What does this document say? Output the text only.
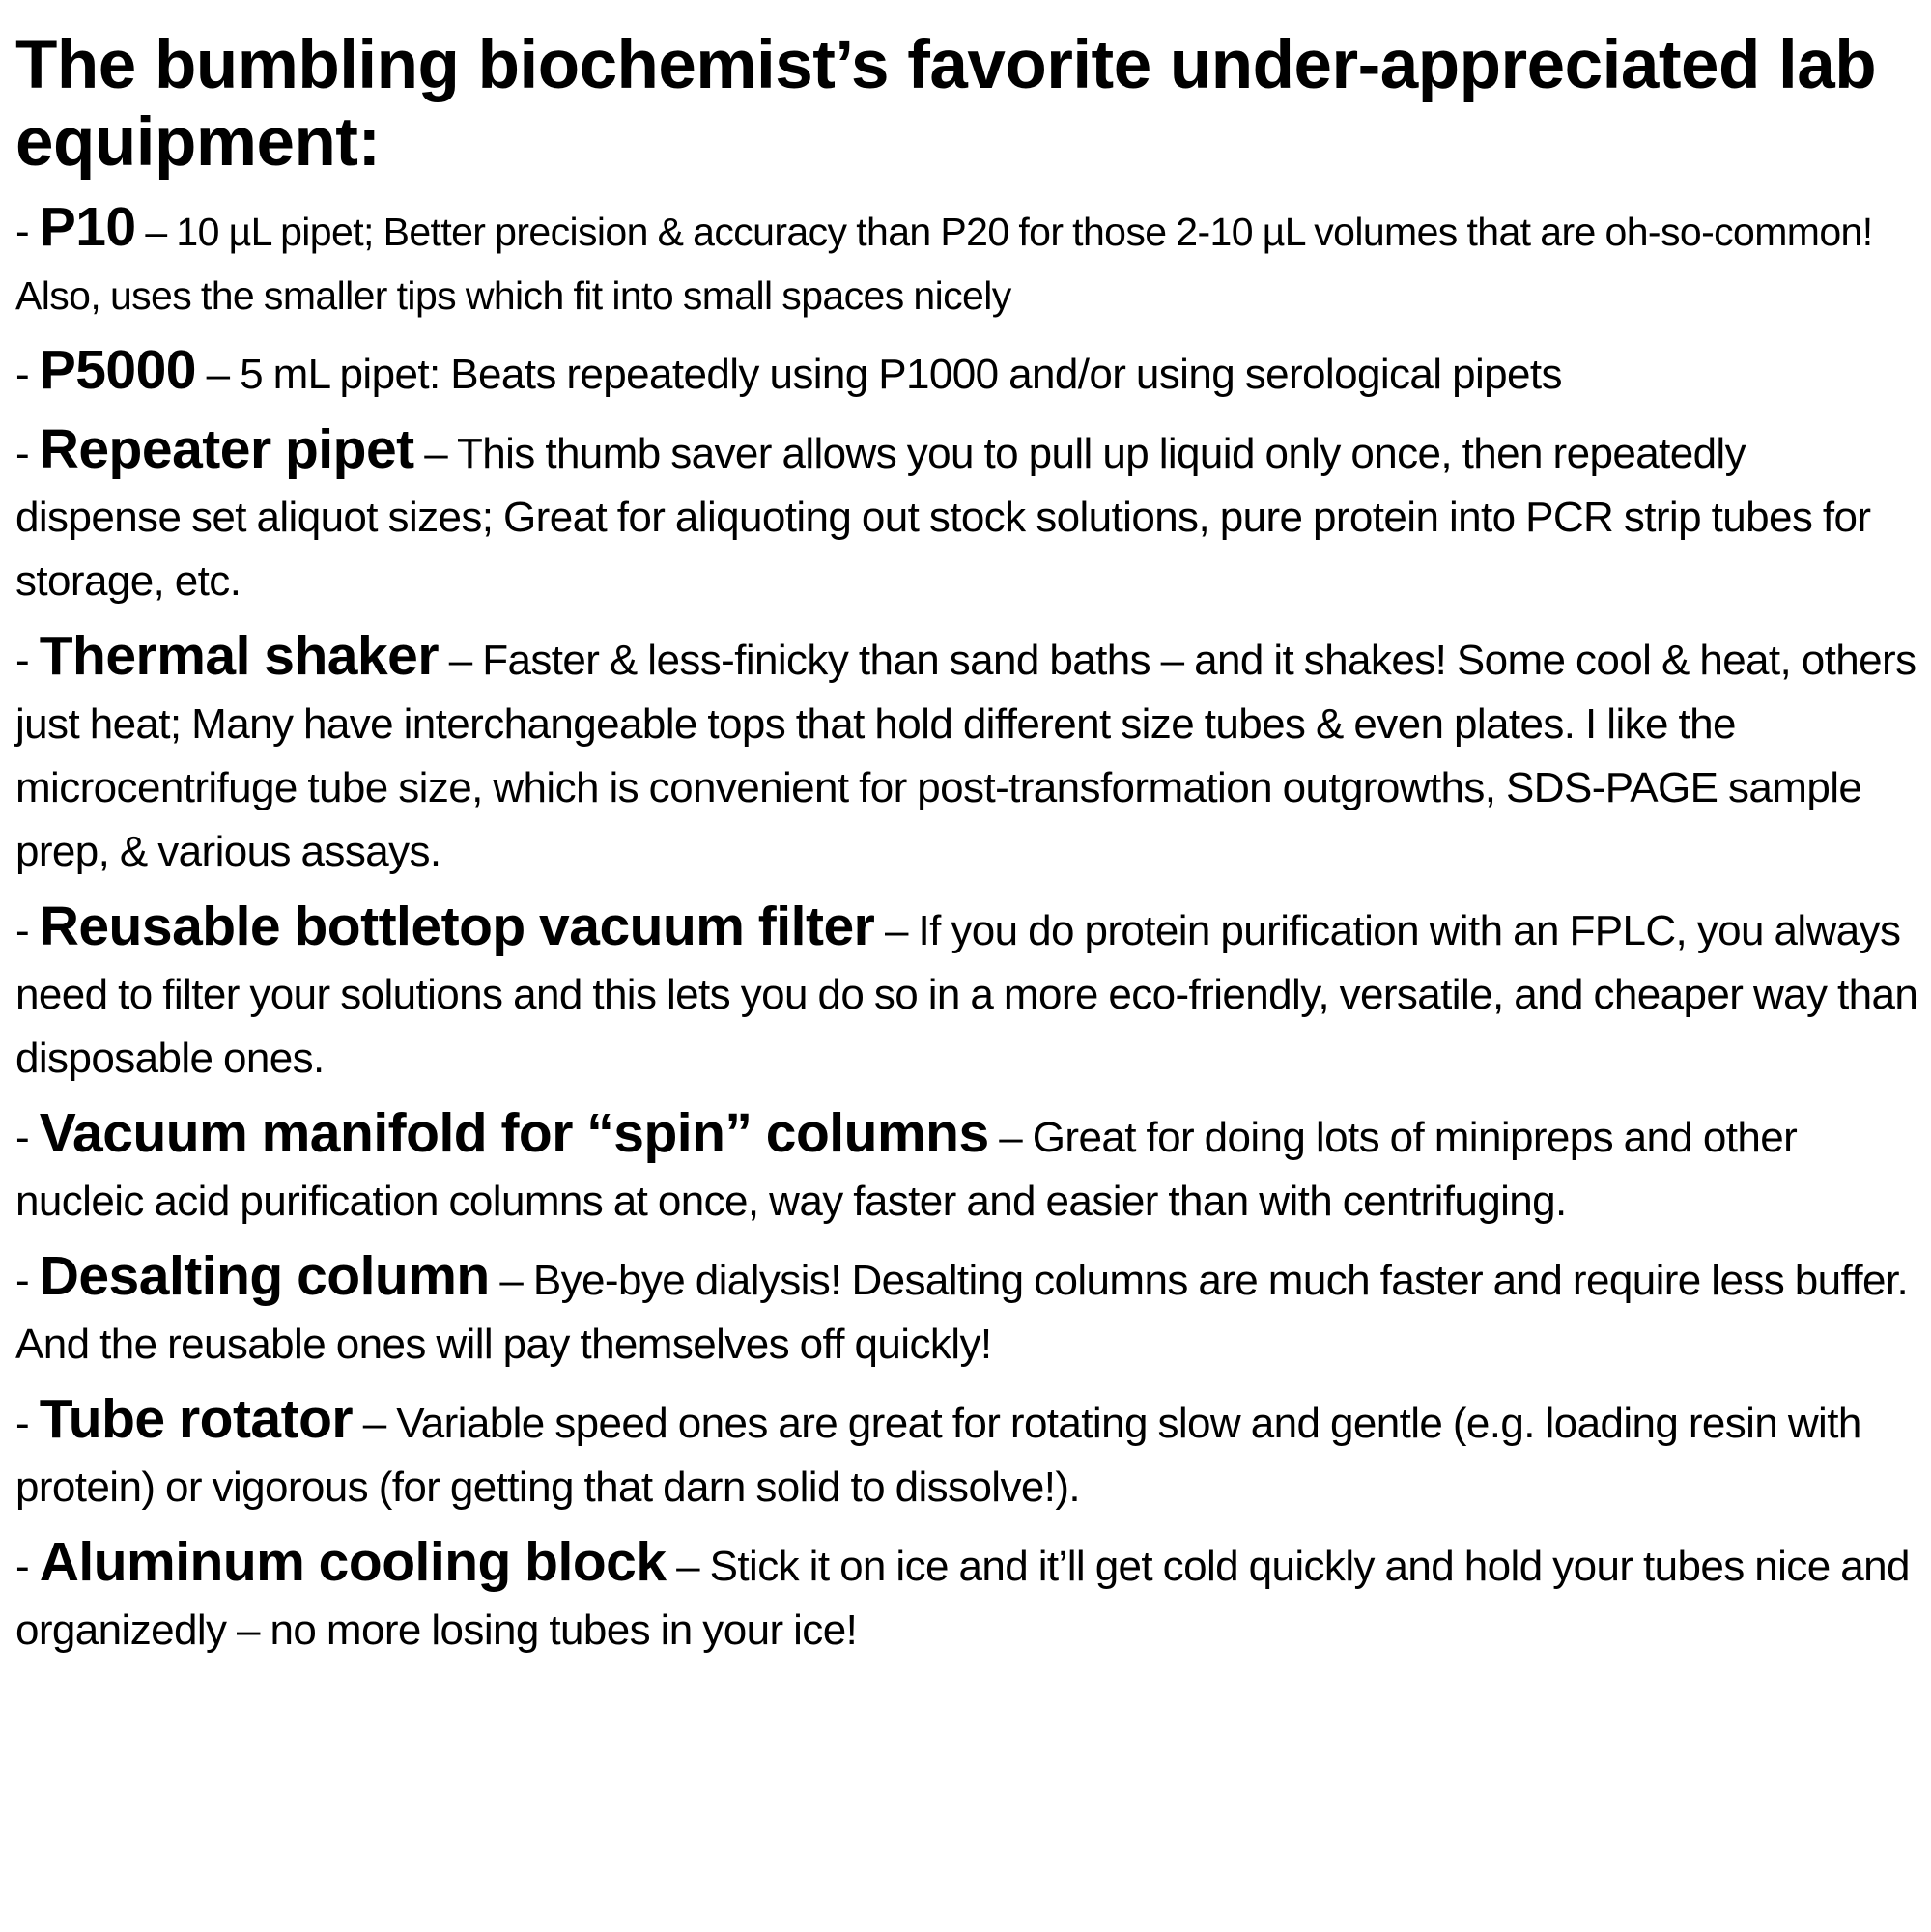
The bumbling biochemist’s favorite under-appreciated lab equipment:
- P10 – 10 µL pipet; Better precision & accuracy than P20 for those 2-10 µL volumes that are oh-so-common! Also, uses the smaller tips which fit into small spaces nicely
- P5000 – 5 mL pipet: Beats repeatedly using P1000 and/or using serological pipets
- Repeater pipet – This thumb saver allows you to pull up liquid only once, then repeatedly dispense set aliquot sizes; Great for aliquoting out stock solutions, pure protein into PCR strip tubes for storage, etc.
- Thermal shaker – Faster & less-finicky than sand baths – and it shakes! Some cool & heat, others just heat; Many have interchangeable tops that hold different size tubes & even plates. I like the microcentrifuge tube size, which is convenient for post-transformation outgrowths, SDS-PAGE sample prep, & various assays.
- Reusable bottletop vacuum filter – If you do protein purification with an FPLC, you always need to filter your solutions and this lets you do so in a more eco-friendly, versatile, and cheaper way than disposable ones.
- Vacuum manifold for “spin” columns – Great for doing lots of minipreps and other nucleic acid purification columns at once, way faster and easier than with centrifuging.
- Desalting column – Bye-bye dialysis! Desalting columns are much faster and require less buffer. And the reusable ones will pay themselves off quickly!
- Tube rotator – Variable speed ones are great for rotating slow and gentle (e.g. loading resin with protein) or vigorous (for getting that darn solid to dissolve!).
- Aluminum cooling block – Stick it on ice and it’ll get cold quickly and hold your tubes nice and organizedly – no more losing tubes in your ice!
